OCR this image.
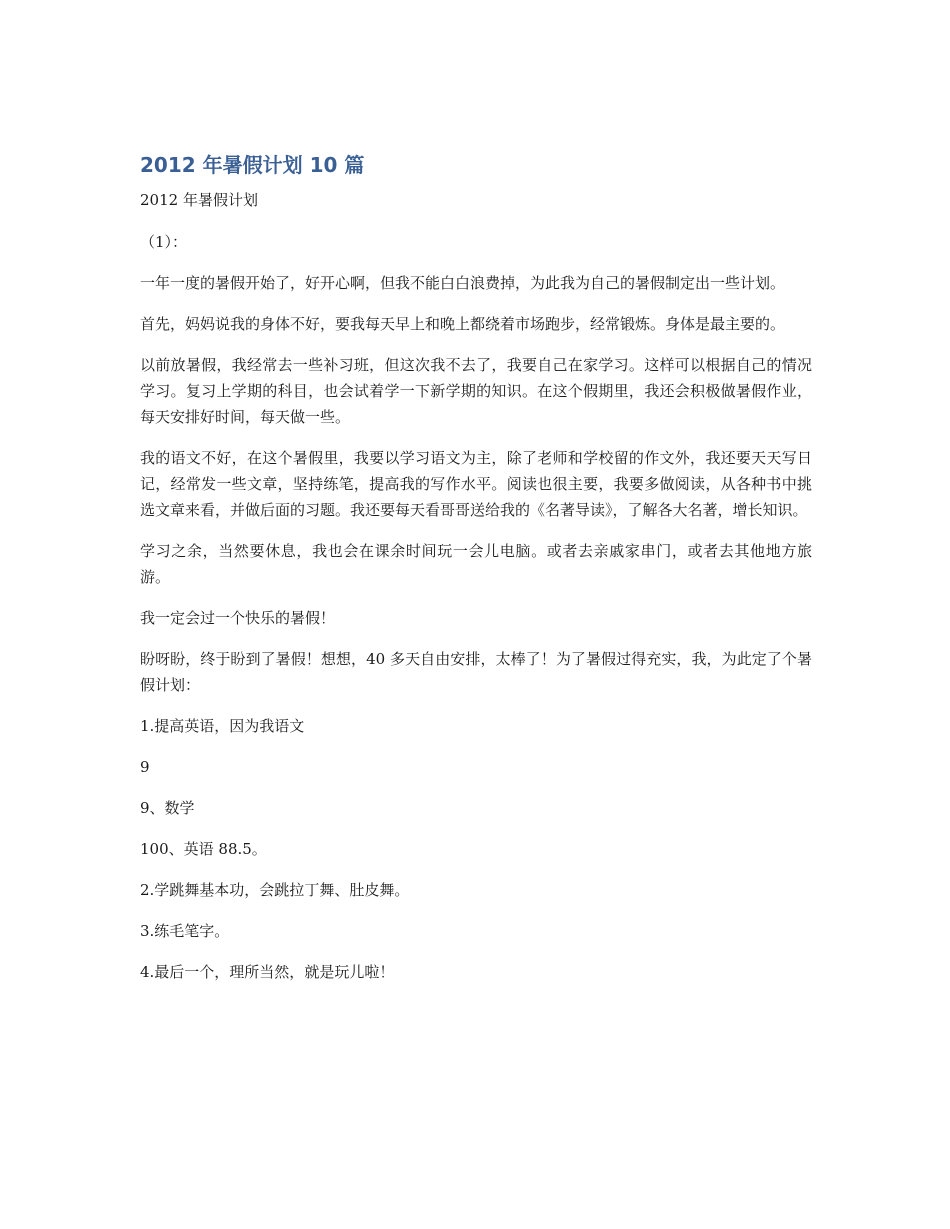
2012 年暑假计划 10 篇
2012 年暑假计划

（1）：

一年一度的暑假开始了，好开心啊，但我不能白白浪费掉，为此我为自己的暑假制定出一些计划。

首先，妈妈说我的身体不好，要我每天早上和晚上都绕着市场跑步，经常锻炼。身体是最主要的。

以前放暑假，我经常去一些补习班，但这次我不去了，我要自己在家学习。这样可以根据自己的情况学习。复习上学期的科目，也会试着学一下新学期的知识。在这个假期里，我还会积极做暑假作业，每天安排好时间，每天做一些。

我的语文不好，在这个暑假里，我要以学习语文为主，除了老师和学校留的作文外，我还要天天写日记，经常发一些文章，坚持练笔，提高我的写作水平。阅读也很主要，我要多做阅读，从各种书中挑选文章来看，并做后面的习题。我还要每天看哥哥送给我的《名著导读》，了解各大名著，增长知识。

学习之余，当然要休息，我也会在课余时间玩一会儿电脑。或者去亲戚家串门，或者去其他地方旅游。

我一定会过一个快乐的暑假！

盼呀盼，终于盼到了暑假！想想，40 多天自由安排，太棒了！为了暑假过得充实，我，为此定了个暑假计划：

1.提高英语，因为我语文

9

9、数学

100、英语 88.5。

2.学跳舞基本功，会跳拉丁舞、肚皮舞。

3.练毛笔字。

4.最后一个，理所当然，就是玩儿啦！
